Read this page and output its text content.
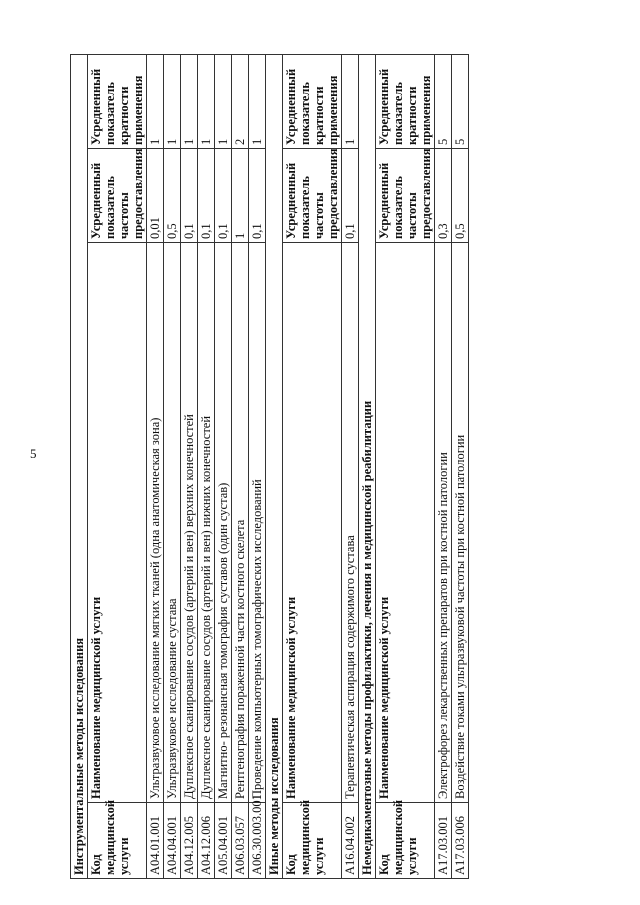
5
Инструментальные методы исследования			
Код медицинской услуги	Наименование медицинской услуги	Усредненный показатель частоты предоставления	Усредненный показатель кратности применения
A04.01.001	Ультразвуковое исследование мягких тканей (одна анатомическая зона)	0,01	1
A04.04.001	Ультразвуковое исследование сустава	0,5	1
A04.12.005	Дуплексное сканирование сосудов (артерий и вен) верхних конечностей	0,1	1
A04.12.006	Дуплексное сканирование сосудов (артерий и вен) нижних конечностей	0,1	1
A05.04.001	Магнитно- резонансная томография суставов (один сустав)	0,1	1
A06.03.057	Рентгенография пораженной части костного скелета	1	2
A06.30.003.001	Проведение компьютерных томографических исследований	0,1	1
Иные методы исследования			
Код медицинской услуги	Наименование медицинской услуги	Усредненный показатель частоты предоставления	Усредненный показатель кратности применения
A16.04.002	Терапевтическая аспирация содержимого сустава	0,1	1
Немедикаментозные методы профилактики, лечения и медицинской реабилитации			
Код медицинской услуги	Наименование медицинской услуги	Усредненный показатель частоты предоставления	Усредненный показатель кратности применения
A17.03.001	Электрофорез лекарственных препаратов при костной патологии	0,3	5
A17.03.006	Воздействие токами ультразвуковой частоты при костной патологии	0,5	5
